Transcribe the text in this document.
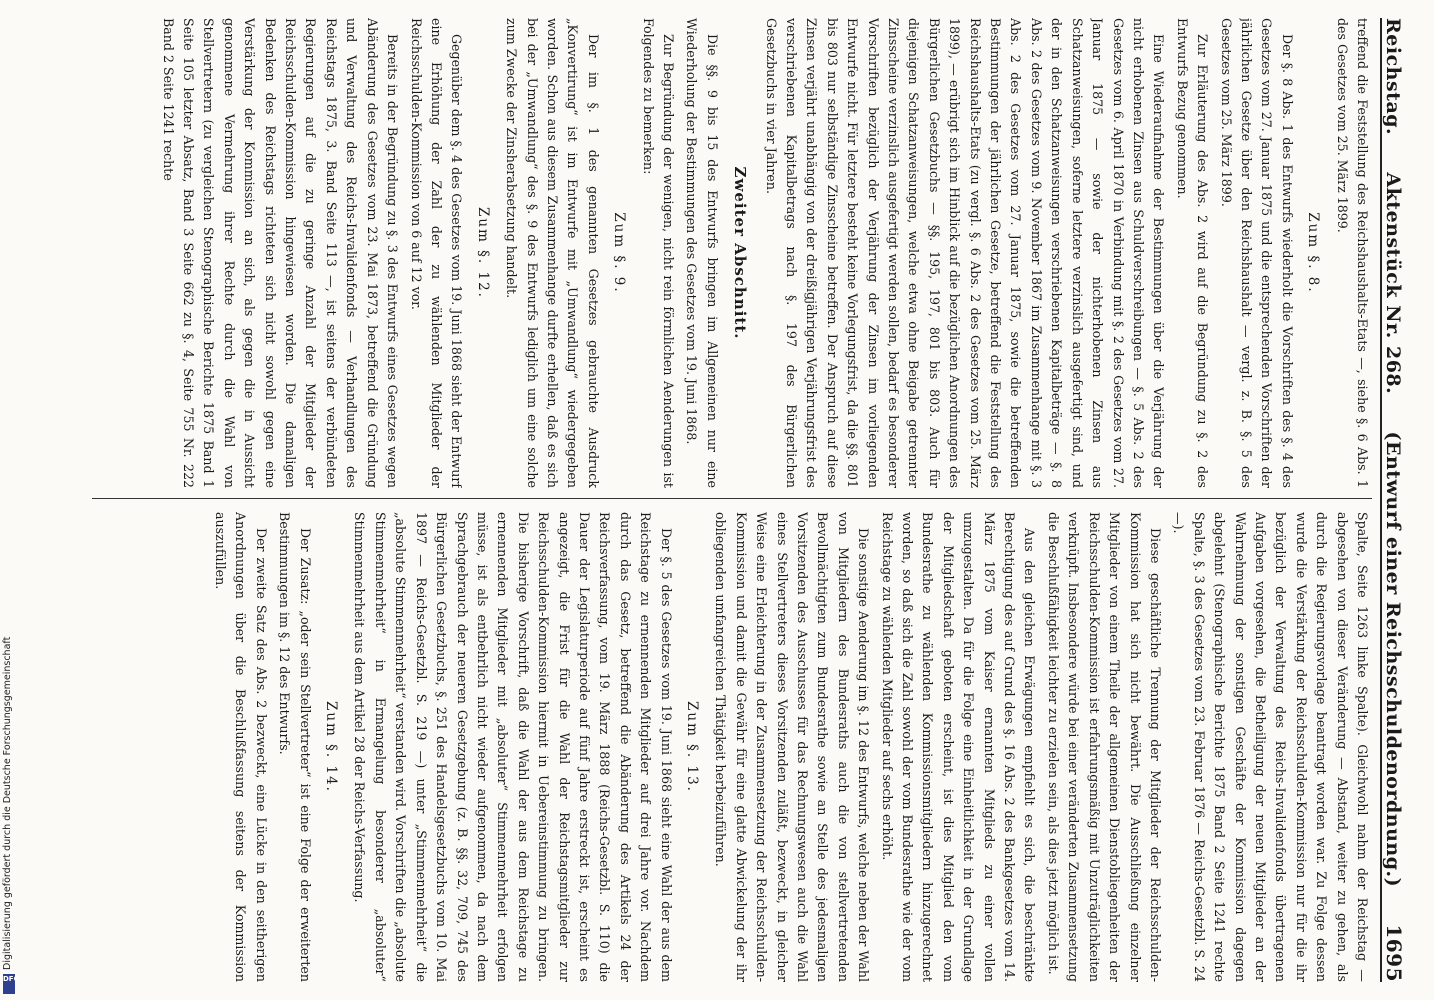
Reichstag.
Aktenstück Nr. 268.
(Entwurf einer Reichsschuldenordnung.)
1695

treffend die Feststellung des Reichshaushalts-Etats —, siehe §. 6 Abs. 1 des Gesetzes vom 25. März 1899.

Zum §. 8.

Der §. 8 Abs. 1 des Entwurfs wiederholt die Vorschriften des §. 4 des Gesetzes vom 27. Januar 1875 und die entsprechenden Vorschriften der jährlichen Gesetze über den Reichshaushalt — vergl. z. B. §. 5 des Gesetzes vom 25. März 1899.

Zur Erläuterung des Abs. 2 wird auf die Begründung zu §. 2 des Entwurfs Bezug genommen.

Eine Wiederaufnahme der Bestimmungen über die Verjährung der nicht erhobenen Zinsen aus Schuldverschreibungen — §. 5 Abs. 2 des Gesetzes vom 6. April 1870 in Verbindung mit §. 2 des Gesetzes vom 27. Januar 1875 — sowie der nichterhobenen Zinsen aus Schatzanweisungen, soferne letztere verzinslich ausgefertigt sind, und der in den Schatzanweisungen verschriebenen Kapitalbeträge — §. 8 Abs. 2 des Gesetzes vom 9. November 1867 im Zusammenhange mit §. 3 Abs. 2 des Gesetzes vom 27. Januar 1875, sowie die betreffenden Bestimmungen der jährlichen Gesetze, betreffend die Feststellung des Reichshaushalts-Etats (zu vergl. §. 6 Abs. 2 des Gesetzes vom 25. März 1899), — erübrigt sich im Hinblick auf die bezüglichen Anordnungen des Bürgerlichen Gesetzbuchs — §§. 195, 197, 801 bis 803. Auch für diejenigen Schatzanweisungen, welche etwa ohne Beigabe getrennter Zinsscheine verzinslich ausgefertigt werden sollen, bedarf es besonderer Vorschriften bezüglich der Verjährung der Zinsen im vorliegenden Entwurfe nicht. Für letztere besteht keine Vorlegungsfrist, da die §§. 801 bis 803 nur selbständige Zinsscheine betreffen. Der Anspruch auf diese Zinsen verjährt unabhängig von der dreißigjährigen Verjährungsfrist des verschriebenen Kapitalbetrags nach §. 197 des Bürgerlichen Gesetzbuchs in vier Jahren.

Zweiter Abschnitt.

Die §§. 9 bis 15 des Entwurfs bringen im Allgemeinen nur eine Wiederholung der Bestimmungen des Gesetzes vom 19. Juni 1868.

Zur Begründung der wenigen, nicht rein förmlichen Aenderungen ist Folgendes zu bemerken:

Zum §. 9.

Der im §. 1 des genannten Gesetzes gebrauchte Ausdruck „Konvertirung“ ist im Entwurfe mit „Umwandlung“ wiedergegeben worden. Schon aus diesem Zusammenhange durfte erhellen, daß es sich bei der „Umwandlung“ des §. 9 des Entwurfs lediglich um eine solche zum Zwecke der Zinsherabsetzung handelt.

Zum §. 12.

Gegenüber dem §. 4 des Gesetzes vom 19. Juni 1868 sieht der Entwurf eine Erhöhung der Zahl der zu wählenden Mitglieder der Reichsschulden-Kommission von 6 auf 12 vor.

Bereits in der Begründung zu §. 3 des Entwurfs eines Gesetzes wegen Abänderung des Gesetzes vom 23. Mai 1873, betreffend die Gründung und Verwaltung des Reichs-Invalidenfonds — Verhandlungen des Reichstags 1875, 3. Band Seite 113 —, ist seitens der verbündeten Regierungen auf die zu geringe Anzahl der Mitglieder der Reichsschulden-Kommission hingewiesen worden. Die damaligen Bedenken des Reichstags richteten sich nicht sowohl gegen eine Verstärkung der Kommission an sich, als gegen die in Aussicht genommene Vermehrung ihrer Rechte durch die Wahl von Stellvertretern (zu vergleichen Stenographische Berichte 1875 Band 1 Seite 105 letzter Absatz, Band 3 Seite 662 zu §. 4, Seite 755 Nr. 222 Band 2 Seite 1241 rechte

Spalte, Seite 1263 linke Spalte). Gleichwohl nahm der Reichstag — abgesehen von dieser Veränderung — Abstand, weiter zu gehen, als durch die Regierungsvorlage beantragt worden war. Zu Folge dessen wurde die Verstärkung der Reichsschulden-Kommission nur für die ihr bezüglich der Verwaltung des Reichs-Invalidenfonds übertragenen Aufgaben vorgesehen, die Betheiligung der neuen Mitglieder an der Wahrnehmung der sonstigen Geschäfte der Kommission dagegen abgelehnt (Stenographische Berichte 1875 Band 2 Seite 1241 rechte Spalte, §. 3 des Gesetzes vom 23. Februar 1876 — Reichs-Gesetzbl. S. 24 —).

Diese geschäftliche Trennung der Mitglieder der Reichsschulden-Kommission hat sich nicht bewährt. Die Ausschließung einzelner Mitglieder von einem Theile der allgemeinen Dienstobliegenheiten der Reichsschulden-Kommission ist erfahrungsmäßig mit Unzuträglichkeiten verknüpft. Insbesondere würde bei einer veränderten Zusammensetzung die Beschlußfähigkeit leichter zu erzielen sein, als dies jetzt möglich ist.

Aus den gleichen Erwägungen empfiehlt es sich, die beschränkte Berechtigung des auf Grund des §. 16 Abs. 2 des Bankgesetzes vom 14. März 1875 vom Kaiser ernannten Mitglieds zu einer vollen umzugestalten. Da für die Folge eine Einheitlichkeit in der Grundlage der Mitgliedschaft geboten erscheint, ist dies Mitglied den vom Bundesrathe zu wählenden Kommissionsmitgliedern hinzugerechnet worden, so daß sich die Zahl sowohl der vom Bundesrathe wie der vom Reichstage zu wählenden Mitglieder auf sechs erhöht.

Die sonstige Aenderung im §. 12 des Entwurfs, welche neben der Wahl von Mitgliedern des Bundesraths auch die von stellvertretenden Bevollmächtigten zum Bundesrathe sowie an Stelle des jedesmaligen Vorsitzenden des Ausschusses für das Rechnungswesen auch die Wahl eines Stellvertreters dieses Vorsitzenden zuläßt, bezweckt, in gleicher Weise eine Erleichterung in der Zusammensetzung der Reichsschulden-Kommission und damit die Gewähr für eine glatte Abwickelung der ihr obliegenden umfangreichen Thätigkeit herbeizuführen.

Zum §. 13.

Der §. 5 des Gesetzes vom 19. Juni 1868 sieht eine Wahl der aus dem Reichstage zu ernennenden Mitglieder auf drei Jahre vor. Nachdem durch das Gesetz, betreffend die Abänderung des Artikels 24 der Reichsverfassung, vom 19. März 1888 (Reichs-Gesetzbl. S. 110) die Dauer der Legislaturperiode auf fünf Jahre erstreckt ist, erscheint es angezeigt, die Frist für die Wahl der Reichstagsmitglieder zur Reichsschulden-Kommission hiermit in Uebereinstimmung zu bringen. Die bisherige Vorschrift, daß die Wahl der aus dem Reichstage zu ernennenden Mitglieder mit „absoluter“ Stimmenmehrheit erfolgen müsse, ist als entbehrlich nicht wieder aufgenommen, da nach dem Sprachgebrauch der neueren Gesetzgebung (z. B. §§. 32, 709, 745 des Bürgerlichen Gesetzbuchs, §. 251 des Handelsgesetzbuchs vom 10. Mai 1897 — Reichs-Gesetzbl. S. 219 —) unter „Stimmenmehrheit“ die „absolute Stimmenmehrheit“ verstanden wird. Vorschriften die „absolute Stimmenmehrheit“ in Ermangelung besonderer „absoluter“ Stimmenmehrheit aus dem Artikel 28 der Reichs-Verfassung.

Zum §. 14.

Der Zusatz: „oder sein Stellvertreter“ ist eine Folge der erweiterten Bestimmungen im §. 12 des Entwurfs.

Der zweite Satz des Abs. 2 bezweckt, eine Lücke in den seitherigen Anordnungen über die Beschlußfassung seitens der Kommission auszufüllen.

Digitalisierung gefördert durch die Deutsche Forschungsgemeinschaft
DFG
